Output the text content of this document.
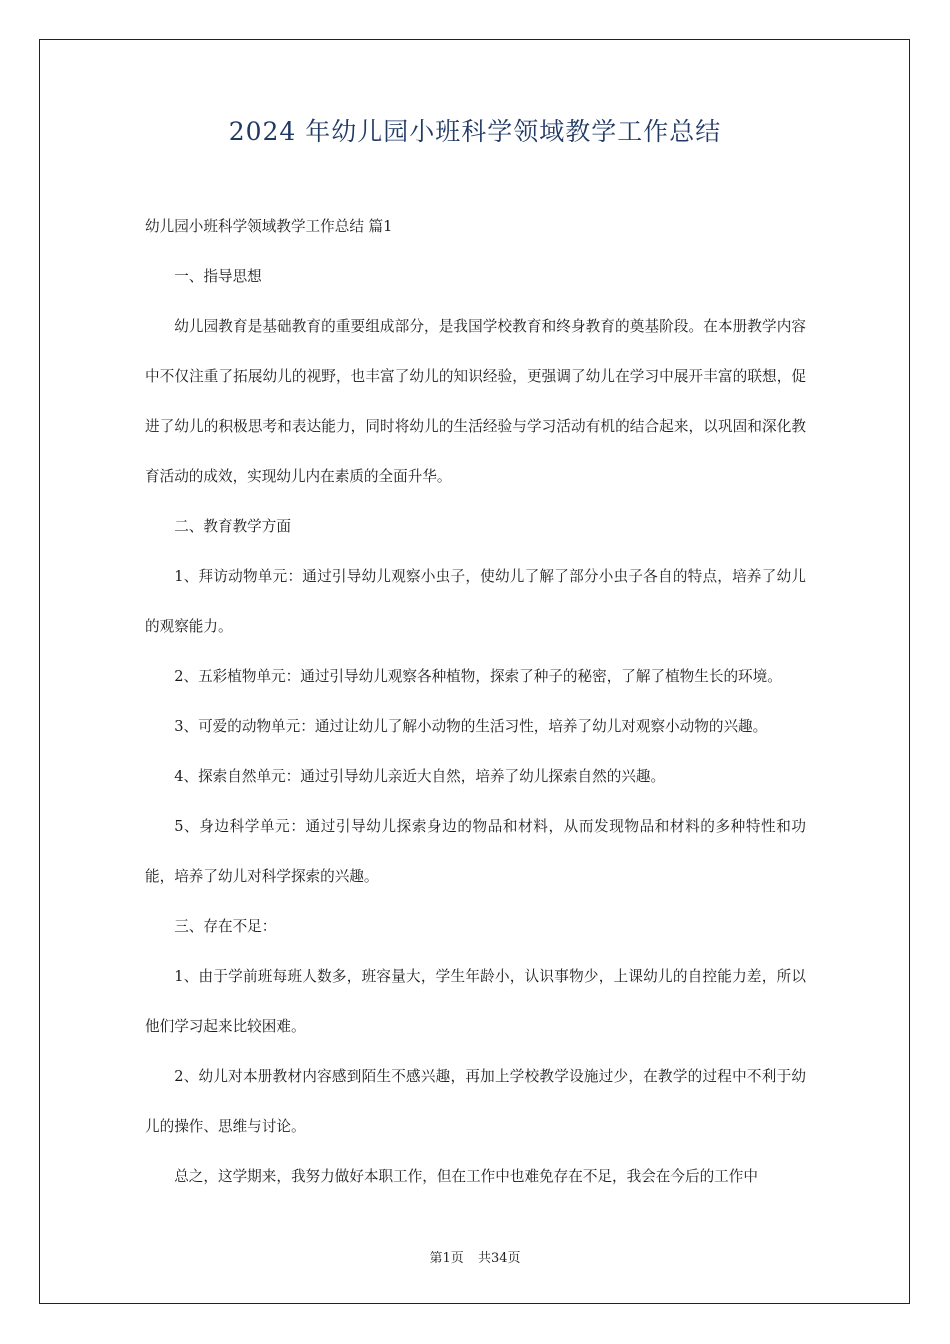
2024 年幼儿园小班科学领域教学工作总结

幼儿园小班科学领域教学工作总结 篇1

一、指导思想

幼儿园教育是基础教育的重要组成部分，是我国学校教育和终身教育的奠基阶段。在本册教学内容中不仅注重了拓展幼儿的视野，也丰富了幼儿的知识经验，更强调了幼儿在学习中展开丰富的联想，促进了幼儿的积极思考和表达能力，同时将幼儿的生活经验与学习活动有机的结合起来，以巩固和深化教育活动的成效，实现幼儿内在素质的全面升华。

二、教育教学方面

1、拜访动物单元：通过引导幼儿观察小虫子，使幼儿了解了部分小虫子各自的特点，培养了幼儿的观察能力。

2、五彩植物单元：通过引导幼儿观察各种植物，探索了种子的秘密，了解了植物生长的环境。

3、可爱的动物单元：通过让幼儿了解小动物的生活习性，培养了幼儿对观察小动物的兴趣。

4、探索自然单元：通过引导幼儿亲近大自然，培养了幼儿探索自然的兴趣。

5、身边科学单元：通过引导幼儿探索身边的物品和材料，从而发现物品和材料的多种特性和功能，培养了幼儿对科学探索的兴趣。

三、存在不足：

1、由于学前班每班人数多，班容量大，学生年龄小，认识事物少，上课幼儿的自控能力差，所以他们学习起来比较困难。

2、幼儿对本册教材内容感到陌生不感兴趣，再加上学校教学设施过少，在教学的过程中不利于幼儿的操作、思维与讨论。

总之，这学期来，我努力做好本职工作，但在工作中也难免存在不足，我会在今后的工作中

第1页 共34页
